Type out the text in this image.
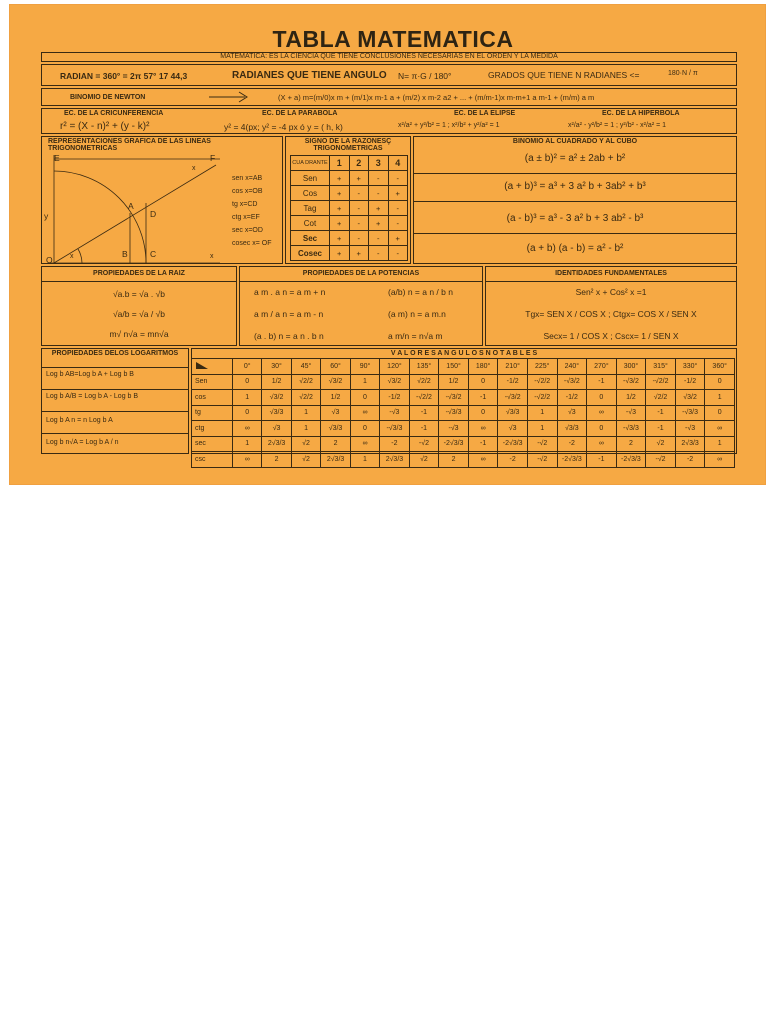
TABLA MATEMATICA
MATEMATICA: ES LA CIENCIA QUE TIENE CONCLUSIONES NECESARIAS EN EL ORDEN Y LA MEDIDA
RADIAN = 360° = 2π 57° 17 44,3	RADIANES QUE TIENE ANGULO N= π·G / 180°	GRADOS QUE TIENE N RADIANES <=	180·N / π
BINOMIO DE NEWTON	(X + a) m=(m/0)x m + (m/1)x m-1 a + (m/2) x m-2 a2 + ... + (m/m-1)x m-m+1 a m-1 + (m/m) a m
EC. DE LA CRICUNFERENCIA
r² = (X - n)² + (y - k)²
EC. DE LA PARABOLA
y² = 4(px; y² = -4 px ó y = ( h, k)
EC. DE LA ELIPSE
x²/a² + y²/b² = 1 ; x²/b² + y²/a² = 1
EC. DE LA HIPERBOLA
x²/a² - y²/b² = 1 ; y²/b² - x²/a² = 1
REPRESENTACIONES GRAFICA DE LAS LINEAS TRIGONOMETRICAS
E	F
A
D
B	C
O
x
y
x	x
sen x=AB
cos x=OB
tg x=CD
ctg x=EF
sec x=OD
cosec x= OF
SIGNO DE LA RAZONESÇ TRIGONOMETRICAS
CUA DRANTE	1	2	3	4
Sen	+	+	-	-
Cos	+	-	-	+
Tag	+	-	+	-
Cot	+	-	+	-
Sec	+	-	-	+
Cosec	+	+	-	-
BINOMIO AL CUADRADO Y AL CUBO
(a ± b)² = a² ± 2ab + b²
(a + b)³ = a³ + 3 a² b + 3ab² + b³
(a - b)³ = a³ - 3 a² b + 3 ab² - b³
(a + b) (a - b) = a² - b²
PROPIEDADES DE LA RAIZ
√a.b = √a . √b
√a/b = √a / √b
m√ n√a = mn√a
PROPIEDADES DE LA POTENCIAS
a m . a n = a m + n	(a/b) n = a n / b n
a m / a n = a m - n	(a m) n = a m.n
(a . b) n = a n . b n	a m/n = n√a m
IDENTIDADES FUNDAMENTALES
Sen² x + Cos² x =1
Tgx= SEN X / COS X ; Ctgx= COS X / SEN X
Secx= 1 / COS X ; Cscx= 1 / SEN X
PROPIEDADES DELOS LOGARITMOS
Log b AB=Log b A + Log b B
Log b A/B = Log b A - Log b B
Log b A n = n Log b A
Log b n√A = Log b A / n
V A L O R E S A N G U L O S N O T A B L E S
	0°	30°	45°	60°	90°	120°	135°	150°	180°	210°	225°	240°	270°	300°	315°	330°	360°
Sen	0	1/2	√2/2	√3/2	1	√3/2	√2/2	1/2	0	-1/2	-√2/2	-√3/2	-1	-√3/2	-√2/2	-1/2	0
cos	1	√3/2	√2/2	1/2	0	-1/2	-√2/2	-√3/2	-1	-√3/2	-√2/2	-1/2	0	1/2	√2/2	√3/2	1
tg	0	√3/3	1	√3	∞	-√3	-1	-√3/3	0	√3/3	1	√3	∞	-√3	-1	-√3/3	0
ctg	∞	√3	1	√3/3	0	-√3/3	-1	-√3	∞	√3	1	√3/3	0	-√3/3	-1	-√3	∞
sec	1	2√3/3	√2	2	∞	-2	-√2	-2√3/3	-1	-2√3/3	-√2	-2	∞	2	√2	2√3/3	1
csc	∞	2	√2	2√3/3	1	2√3/3	√2	2	∞	-2	-√2	-2√3/3	-1	-2√3/3	-√2	-2	∞
